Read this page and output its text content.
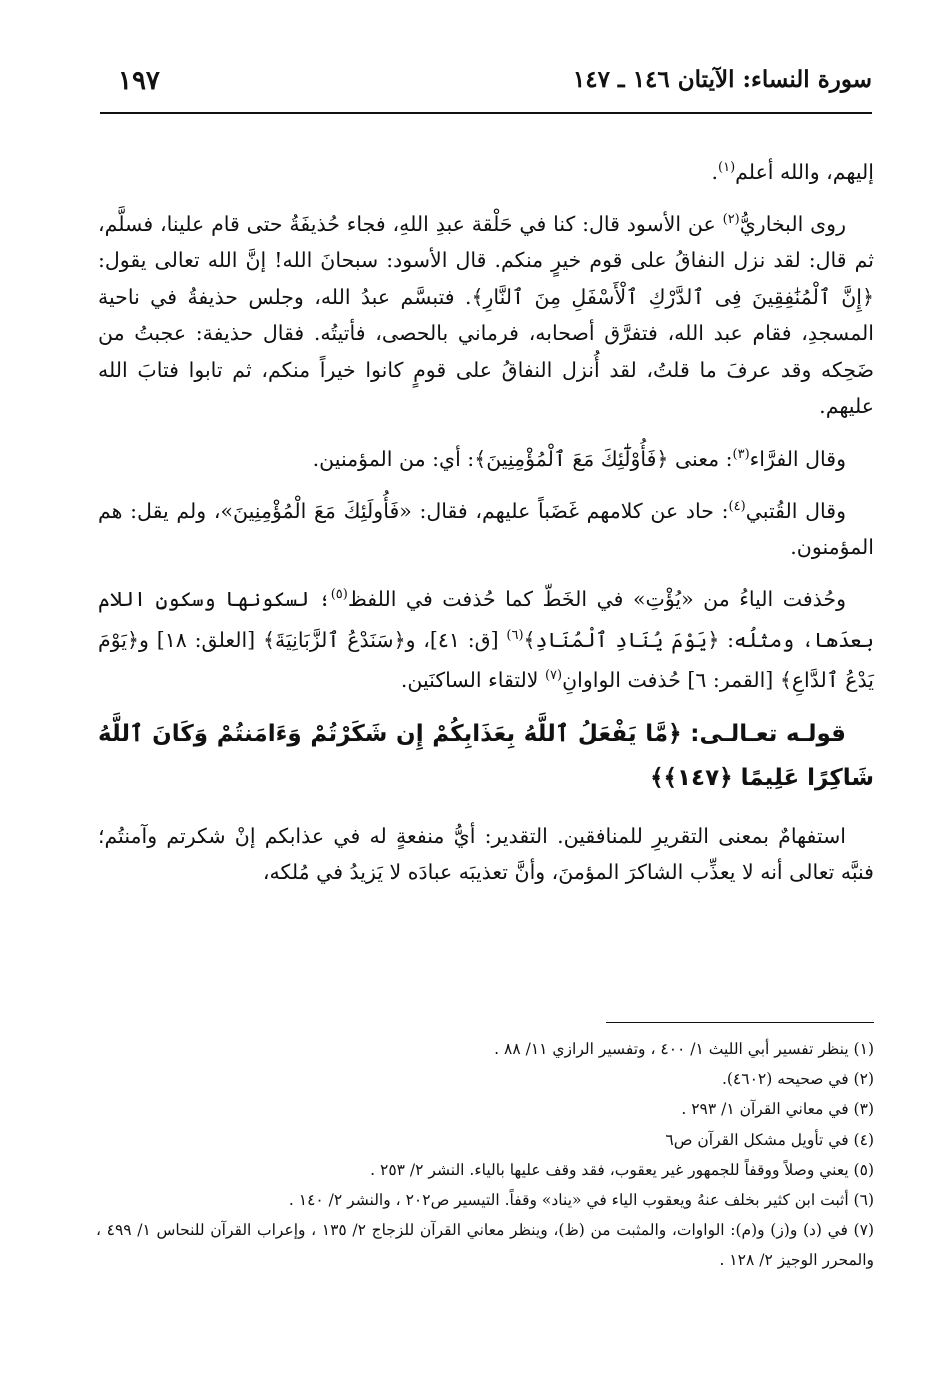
سورة النساء: الآيتان ١٤٦ ـ ١٤٧
١٩٧

إليهم، والله أعلم$^{(١)}$.

روى البخاريُّ$^{(٢)}$ عن الأسود قال: كنا في حَلْقة عبدِ اللهِ، فجاء حُذيفَةُ حتى قام علينا، فسلَّم، ثم قال: لقد نزل النفاقُ على قوم خيرٍ منكم. قال الأسود: سبحانَ الله! إنَّ الله تعالى يقول: ﴿إِنَّ ٱلْمُنَٰفِقِينَ فِى ٱلدَّرْكِ ٱلْأَسْفَلِ مِنَ ٱلنَّارِ﴾. فتبسَّم عبدُ الله، وجلس حذيفةُ في ناحية المسجدِ، فقام عبد الله، فتفرَّق أصحابه، فرماني بالحصى، فأتيتُه. فقال حذيفة: عجبتُ من ضَحِكه وقد عرفَ ما قلتُ، لقد أُنزل النفاقُ على قومٍ كانوا خيراً منكم، ثم تابوا فتابَ الله عليهم.

وقال الفرَّاء$^{(٣)}$: معنى ﴿فَأُوْلَٰٓئِكَ مَعَ ٱلْمُؤْمِنِينَ﴾: أي: من المؤمنين.

وقال القُتبي$^{(٤)}$: حاد عن كلامهم غَضَباً عليهم، فقال: «فَأُولَئِكَ مَعَ الْمُؤْمِنِينَ»، ولم يقل: هم المؤمنون.

وحُذفت الياءُ من «يُؤْتِ» في الخَطّ كما حُذفت في اللفظ$^{(٥)}$؛ لسكونها وسكونِ اللام بعدَها، ومثلُه: ﴿يَوْمَ يُنَادِ ٱلْمُنَادِ﴾$^{(٦)}$ [ق: ٤١]، و﴿سَنَدْعُ ٱلزَّبَانِيَةَ﴾ [العلق: ١٨] و﴿يَوْمَ يَدْعُ ٱلدَّاعِ﴾ [القمر: ٦] حُذفت الواوانِ$^{(٧)}$ لالتقاء الساكنَين.

قولـه تعـالـى: ﴿مَّا يَفْعَلُ ٱللَّهُ بِعَذَابِكُمْ إِن شَكَرْتُمْ وَءَامَنتُمْ وَكَانَ ٱللَّهُ شَاكِرًا عَلِيمًا ﴿١٤٧﴾﴾

استفهامٌ بمعنى التقريرِ للمنافقين. التقدير: أيُّ منفعةٍ له في عذابكم إنْ شكرتم وآمنتُم؛ فنبَّه تعالى أنه لا يعذِّب الشاكرَ المؤمنَ، وأنَّ تعذيبَه عبادَه لا يَزيدُ في مُلكه،

(١) ينظر تفسير أبي الليث ١/ ٤٠٠ ، وتفسير الرازي ١١/ ٨٨ .

(٢) في صحيحه (٤٦٠٢).

(٣) في معاني القرآن ١/ ٢٩٣ .

(٤) في تأويل مشكل القرآن ص٦

(٥) يعني وصلاً ووقفاً للجمهور غير يعقوب، فقد وقف عليها بالياء. النشر ٢/ ٢٥٣ .

(٦) أثبت ابن كثير بخلف عنهُ ويعقوب الياء في «يناد» وقفاً. التيسير ص٢٠٢ ، والنشر ٢/ ١٤٠ .

(٧) في (د) و(ز) و(م): الواوات، والمثبت من (ظ)، وينظر معاني القرآن للزجاج ٢/ ١٣٥ ، وإعراب القرآن للنحاس ١/ ٤٩٩ ، والمحرر الوجيز ٢/ ١٢٨ .
